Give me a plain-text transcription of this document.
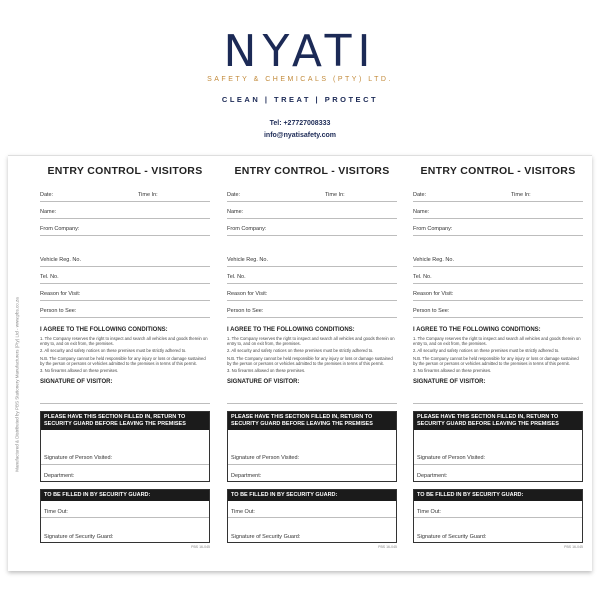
NYATI
SAFETY & CHEMICALS (PTY) LTD.
CLEAN | TREAT | PROTECT
Tel: +27727008333
info@nyatisafety.com
Manufactured & Distributed by PBS Stationery Manufacturers (Pty) Ltd - www.pbs.co.za
ENTRY CONTROL - VISITORS
Date:	Time In:
Name:
From Company:
Vehicle Reg. No.
Tel. No.
Reason for Visit:
Person to See:
I AGREE TO THE FOLLOWING CONDITIONS:

1. The Company reserves the right to inspect and search all vehicles and goods therein on entry to, and on exit from, the premises.

2. All security and safety notices on these premises must be strictly adhered to.

N.B. The Company cannot be held responsible for any injury or loss or damage sustained by the person or persons or vehicles admitted to the premises in terms of this permit.

3. No firearms allowed on these premises.

SIGNATURE OF VISITOR:
PLEASE HAVE THIS SECTION FILLED IN, RETURN TO SECURITY GUARD BEFORE LEAVING THE PREMISES
Signature of Person Visited:
Department:
TO BE FILLED IN BY SECURITY GUARD:
Time Out:
Signature of Security Guard:
PBS 16-045
ENTRY CONTROL - VISITORS
Date:	Time In:
Name:
From Company:
Vehicle Reg. No.
Tel. No.
Reason for Visit:
Person to See:
I AGREE TO THE FOLLOWING CONDITIONS:

1. The Company reserves the right to inspect and search all vehicles and goods therein on entry to, and on exit from, the premises.

2. All security and safety notices on these premises must be strictly adhered to.

N.B. The Company cannot be held responsible for any injury or loss or damage sustained by the person or persons or vehicles admitted to the premises in terms of this permit.

3. No firearms allowed on these premises.

SIGNATURE OF VISITOR:
PLEASE HAVE THIS SECTION FILLED IN, RETURN TO SECURITY GUARD BEFORE LEAVING THE PREMISES
Signature of Person Visited:
Department:
TO BE FILLED IN BY SECURITY GUARD:
Time Out:
Signature of Security Guard:
PBS 16-045
ENTRY CONTROL - VISITORS
Date:	Time In:
Name:
From Company:
Vehicle Reg. No.
Tel. No.
Reason for Visit:
Person to See:
I AGREE TO THE FOLLOWING CONDITIONS:

1. The Company reserves the right to inspect and search all vehicles and goods therein on entry to, and on exit from, the premises.

2. All security and safety notices on these premises must be strictly adhered to.

N.B. The Company cannot be held responsible for any injury or loss or damage sustained by the person or persons or vehicles admitted to the premises in terms of this permit.

3. No firearms allowed on these premises.

SIGNATURE OF VISITOR:
PLEASE HAVE THIS SECTION FILLED IN, RETURN TO SECURITY GUARD BEFORE LEAVING THE PREMISES
Signature of Person Visited:
Department:
TO BE FILLED IN BY SECURITY GUARD:
Time Out:
Signature of Security Guard:
PBS 16-045
